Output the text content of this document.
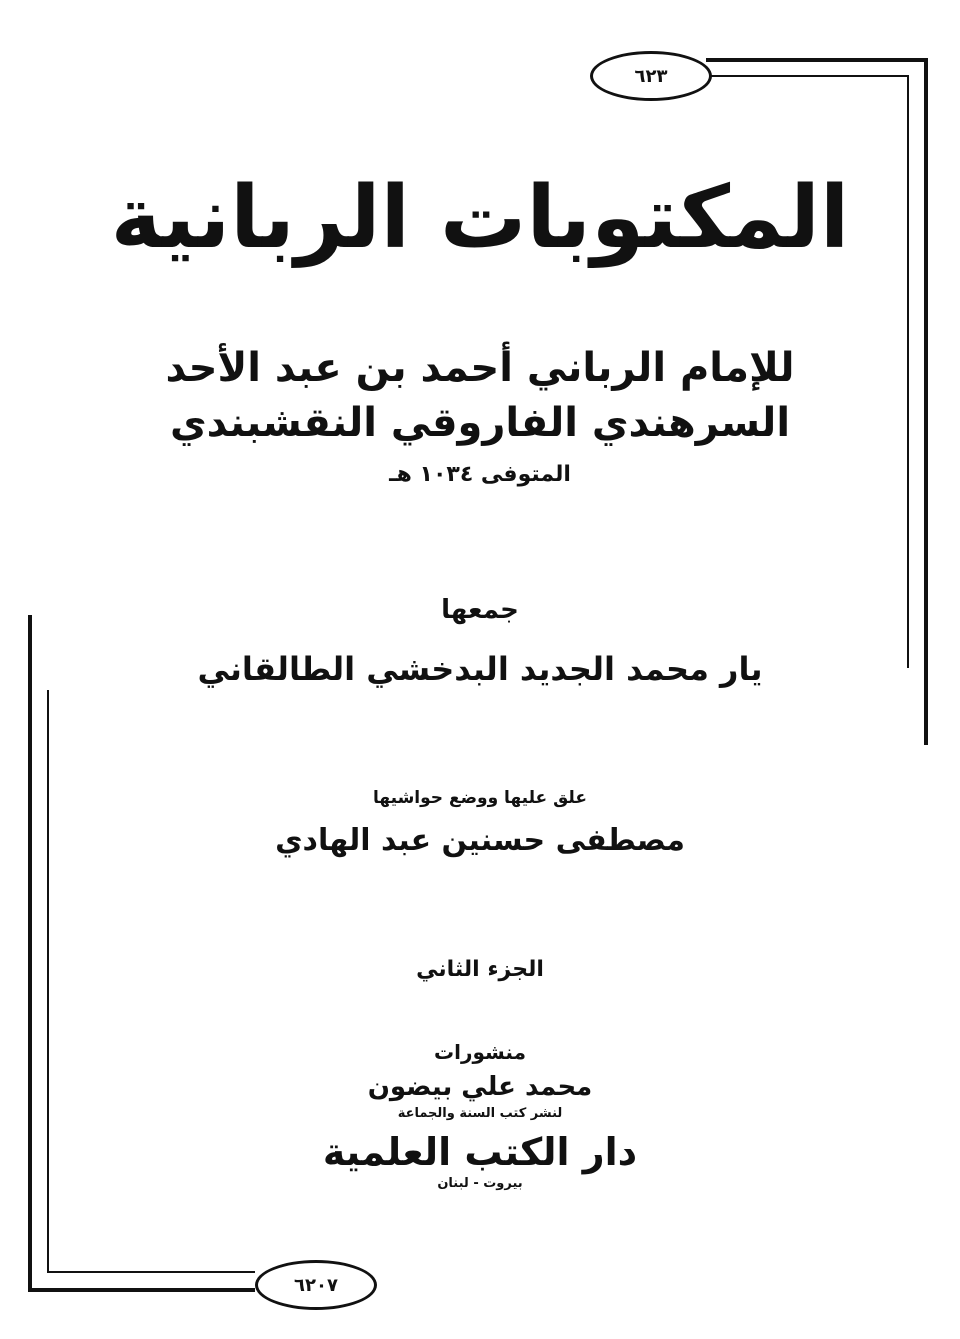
٦٢٣
٦٢٠٧
المكتوبات الربانية
للإمام الرباني أحمد بن عبد الأحد
السرهندي الفاروقي النقشبندي
المتوفى ١٠٣٤ هـ
جمعها
يار محمد الجديد البدخشي الطالقاني
علق عليها ووضع حواشيها
مصطفى حسنين عبد الهادي
الجزء الثاني
منشورات
محمد علي بيضون
لنشر كتب السنة والجماعة
دار الكتب العلمية
بيروت - لبنان
